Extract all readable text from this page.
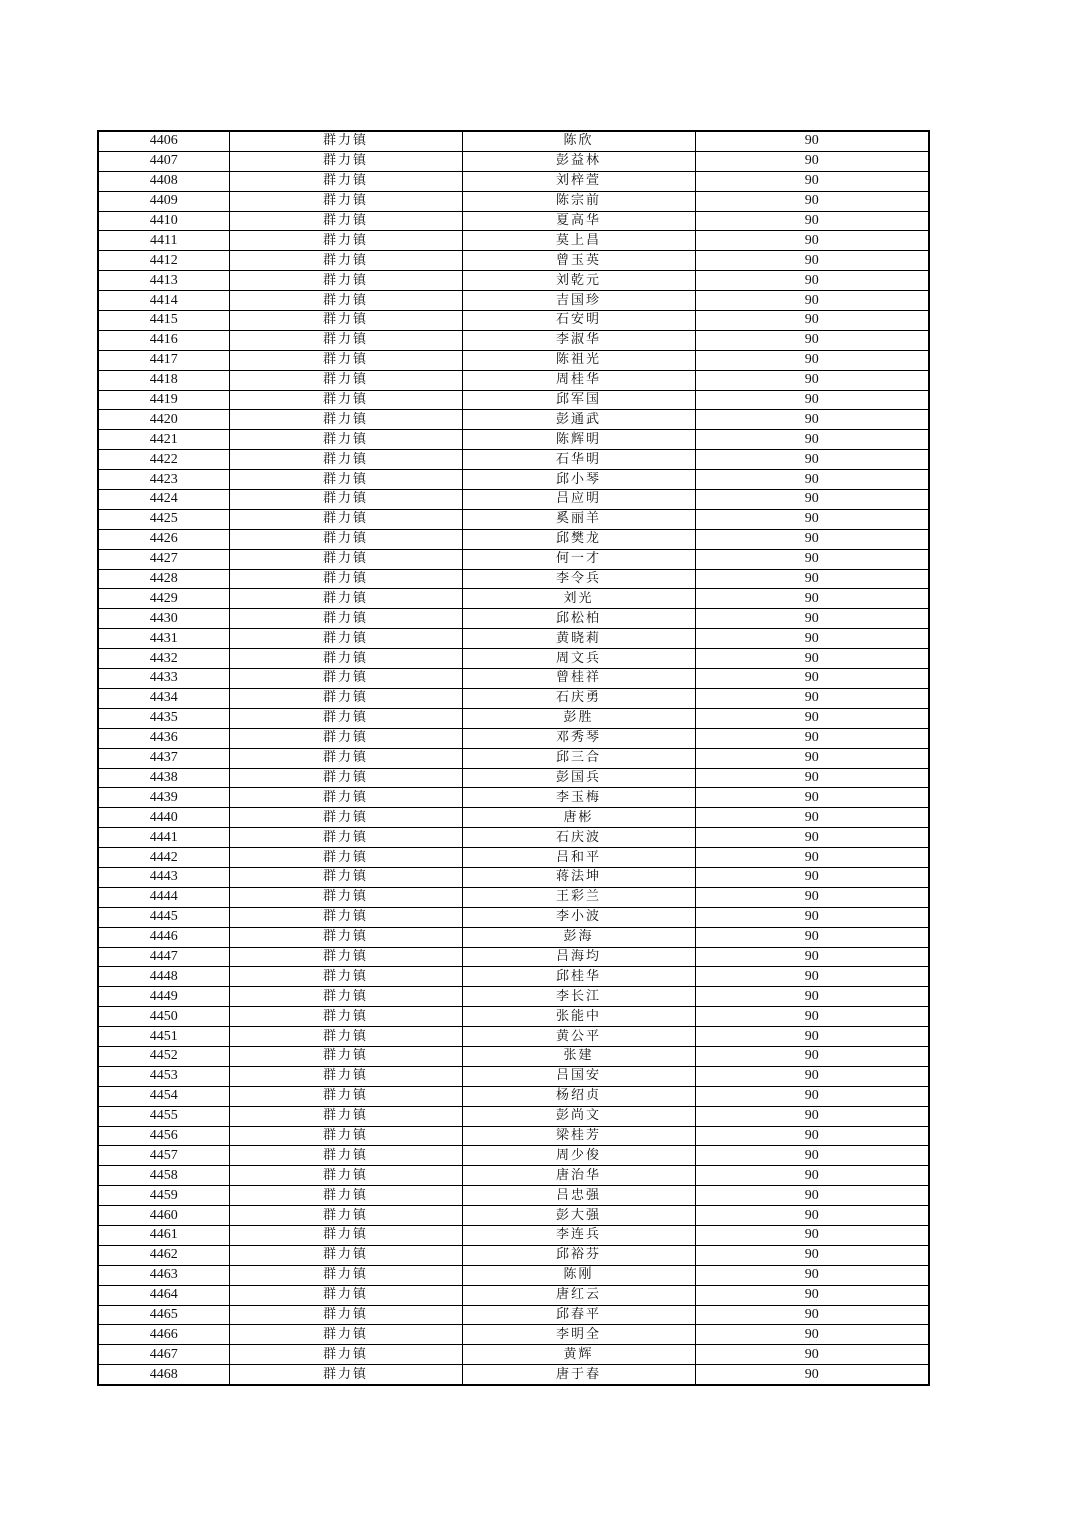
4406	群力镇	陈欣	90
4407	群力镇	彭益林	90
4408	群力镇	刘梓萱	90
4409	群力镇	陈宗前	90
4410	群力镇	夏高华	90
4411	群力镇	莫上昌	90
4412	群力镇	曾玉英	90
4413	群力镇	刘乾元	90
4414	群力镇	吉国珍	90
4415	群力镇	石安明	90
4416	群力镇	李淑华	90
4417	群力镇	陈祖光	90
4418	群力镇	周桂华	90
4419	群力镇	邱军国	90
4420	群力镇	彭通武	90
4421	群力镇	陈辉明	90
4422	群力镇	石华明	90
4423	群力镇	邱小琴	90
4424	群力镇	吕应明	90
4425	群力镇	奚丽羊	90
4426	群力镇	邱樊龙	90
4427	群力镇	何一才	90
4428	群力镇	李令兵	90
4429	群力镇	刘光	90
4430	群力镇	邱松柏	90
4431	群力镇	黄晓莉	90
4432	群力镇	周文兵	90
4433	群力镇	曾桂祥	90
4434	群力镇	石庆勇	90
4435	群力镇	彭胜	90
4436	群力镇	邓秀琴	90
4437	群力镇	邱三合	90
4438	群力镇	彭国兵	90
4439	群力镇	李玉梅	90
4440	群力镇	唐彬	90
4441	群力镇	石庆波	90
4442	群力镇	吕和平	90
4443	群力镇	蒋法坤	90
4444	群力镇	王彩兰	90
4445	群力镇	李小波	90
4446	群力镇	彭海	90
4447	群力镇	吕海均	90
4448	群力镇	邱桂华	90
4449	群力镇	李长江	90
4450	群力镇	张能中	90
4451	群力镇	黄公平	90
4452	群力镇	张建	90
4453	群力镇	吕国安	90
4454	群力镇	杨绍贞	90
4455	群力镇	彭尚文	90
4456	群力镇	梁桂芳	90
4457	群力镇	周少俊	90
4458	群力镇	唐治华	90
4459	群力镇	吕忠强	90
4460	群力镇	彭大强	90
4461	群力镇	李连兵	90
4462	群力镇	邱裕芬	90
4463	群力镇	陈刚	90
4464	群力镇	唐红云	90
4465	群力镇	邱春平	90
4466	群力镇	李明全	90
4467	群力镇	黄辉	90
4468	群力镇	唐于春	90
